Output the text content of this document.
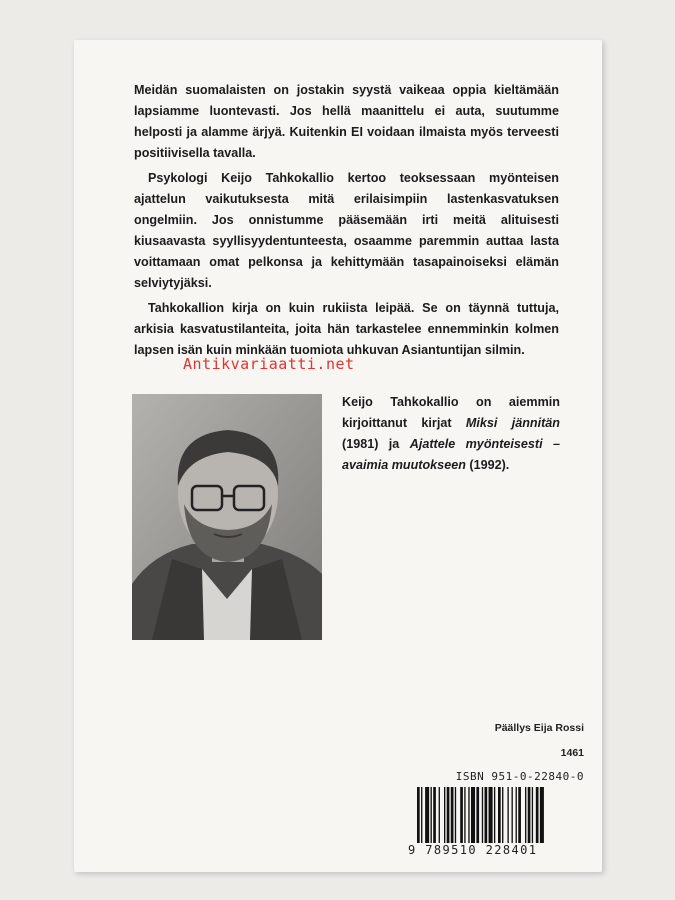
Meidän suomalaisten on jostakin syystä vaikeaa oppia kieltämään lapsiamme luontevasti. Jos hellä maanittelu ei auta, suutumme helposti ja alamme ärjyä. Kuitenkin EI voidaan ilmaista myös terveesti positiivisella tavalla.

Psykologi Keijo Tahkokallio kertoo teoksessaan myönteisen ajattelun vaikutuksesta mitä erilaisimpiin lastenkasvatuksen ongelmiin. Jos onnistumme pääsemään irti meitä alituisesti kiusaavasta syyllisyydentunteesta, osaamme paremmin auttaa lasta voittamaan omat pelkonsa ja kehittymään tasapainoiseksi elämän selviytyjäksi.

Tahkokallion kirja on kuin rukiista leipää. Se on täynnä tuttuja, arkisia kasvatustilanteita, joita hän tarkastelee ennemminkin kolmen lapsen isän kuin minkään tuomiota uhkuvan Asiantuntijan silmin.

Keijo Tahkokallio on aiemmin kirjoittanut kirjat Miksi jännitän (1981) ja Ajattele myönteisesti – avaimia muutokseen (1992).
Päällys Eija Rossi
1461
ISBN 951-0-22840-0
9 789510 228401
Antikvariaatti.net
